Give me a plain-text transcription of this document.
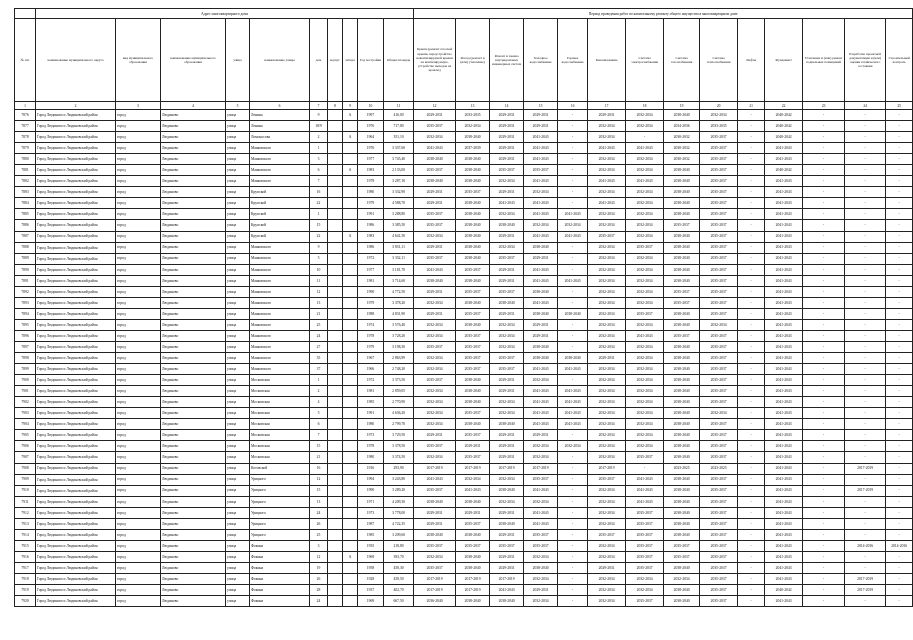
	Адрес многоквартирного дома										Период проведения работ по капитальному ремонту общего имущества в многоквартирном доме													
№ п/п	наименование муниципального округа	вид муниципального образования	наименование муниципального образования	улица	наименование улицы	дом	корпус	литера	Год постройки	Общая площадь	Крыша (ремонт плоской крыши, переустройство невентилируемой крыши на вентилируемую, устройство выходов на кровлю)	Фасад (ремонт и (или) утепление)	Ремонт и замена внутридомовых инженерных систем	Холодное водоснабжение	Горячее водоснабжение	Канализование	Система электроснабжения	Система газоснабжения	Система теплоснабжения	Лифты	Фундамент	Утепление и (или) ремонт подвальных помещений	Разработка проектной документации и (или) оценки технического состояния	Строительный контроль
1	2	3	4	5	6	7	8	9	10	11	12	13	14	15	16	17	18	19	20	21	22	23	24	25
7876	Город Людиново и Людиновский район	город	Людиново	улица	Ленина	9		А	1997	416,00	2029-2031	2033-2035	2029-2031	2029-2031	-	2029-2031	2032-2034	2038-2040	2032-2034	-	2040-2042	-	-	-
7877	Город Людиново и Людиновский район	город	Людиново	улица	Ленина	18/9			1976	717,80	2035-2037	2032-2034	2029-2031	2029-2031	-	2032-2034	2032-2034	2034-2036	2033-2035	-	2040-2042	-	-	-
7878	Город Людиново и Людиновский район	город	Людиново	улица	Ломоносова	2		А	1964	351,10	2032-2034	2038-2040	2029-2031	2041-2043	-	2032-2034	-	2030-2032	2035-2037	-	2040-2042	-	-	-
7879	Город Людиново и Людиновский район	город	Людиново	улица	Маяковского	1			1976	3 337,60	2041-2043	2037-2039	2029-2031	2041-2043	-	2041-2043	2041-2043	2030-2032	2035-2037	-	2041-2043	-	-	-
7880	Город Людиново и Людиновский район	город	Людиново	улица	Маяковского	3			1977	3 745,40	2038-2040	2038-2040	2029-2031	2041-2043	-	2032-2034	2032-2034	2030-2032	2035-2037	-	2041-2043	-	-	-
7881	Город Людиново и Людиновский район	город	Людиново	улица	Маяковского	6		А	1983	2 133,00	2035-2037	2038-2040	2035-2037	2035-2037	-	2032-2034	2032-2034	2038-2040	2035-2037	-	2040-2042	-	-	-
7882	Город Людиново и Людиновский район	город	Людиново	улица	Маяковского	7			1978	3 287,10	2038-2040	2038-2040	2032-2034	2041-2043	-	2041-2043	2041-2043	2038-2040	2035-2037	-	2041-2043	-	-	-
7883	Город Людиново и Людиновский район	город	Людиново	улица	Крупской	16			1980	3 332,90	2029-2031	2035-2037	2029-2031	2032-2034	-	2032-2034	2032-2034	2038-2040	2035-2037	-	2041-2043	-	-	-
7884	Город Людиново и Людиновский район	город	Людиново	улица	Крупской	22			1979	4 588,70	2029-2031	2038-2040	2041-2043	2041-2043	-	2041-2043	2032-2034	2038-2040	2035-2037	-	2041-2043	-	-	-
7885	Город Людиново и Людиновский район	город	Людиново	улица	Крупской	1			1991	3 288,80	2035-2037	2038-2040	2032-2034	2041-2043	2041-2043	2032-2034	2032-2034	2038-2040	2035-2037	-	2041-2043	-	-	-
7886	Город Людиново и Людиновский район	город	Людиново	улица	Крупской	15			1986	3 385,50	2035-2037	2038-2040	2038-2040	2032-2034	2032-2034	2032-2034	2032-2034	2035-2037	2035-2037	-	2041-2043	-	-	-
7887	Город Людиново и Людиновский район	город	Людиново	улица	Крупской	22		А	1983	4 641,50	2032-2034	2038-2040	2029-2031	2041-2043	2041-2043	2035-2037	2032-2034	2038-2040	2035-2037	-	2041-2043	-	-	-
7888	Город Людиново и Людиновский район	город	Людиново	улица	Маяковского	9			1986	3 831,11	2029-2031	2038-2040	2032-2034	2038-2040	-	2032-2034	2035-2037	2038-2040	2035-2037	-	2041-2043	-	-	-
7889	Город Людиново и Людиновский район	город	Людиново	улица	Маяковского	5			1972	3 332,11	2035-2037	2038-2040	2035-2037	2029-2031	-	2032-2034	2032-2034	2038-2040	2035-2037	-	2041-2043	-	-	-
7890	Город Людиново и Людиновский район	город	Людиново	улица	Маяковского	10			1977	3 181,70	2041-2043	2035-2037	2029-2031	2041-2043	-	2032-2034	2032-2034	2038-2040	2035-2037	-	2041-2043	-	-	-
7891	Город Людиново и Людиновский район	город	Людиново	улица	Маяковского	11			1981	3 714,60	2038-2040	2038-2040	2029-2031	2041-2043	2041-2043	2032-2034	2032-2034	2038-2040	2035-2037	-	2041-2043	-	-	-
7892	Город Людиново и Людиновский район	город	Людиново	улица	Маяковского	12			1990	4 772,50	2029-2031	2035-2037	2035-2037	2038-2040	-	2032-2034	2032-2034	2035-2037	2035-2037	-	2041-2043	-	-	-
7893	Город Людиново и Людиновский район	город	Людиново	улица	Маяковского	13			1979	3 378,20	2032-2034	2038-2040	2038-2040	2041-2043	-	2032-2034	2032-2034	2035-2037	2035-2037	-	2041-2043	-	-	-
7894	Город Людиново и Людиновский район	город	Людиново	улица	Маяковского	21			1988	4 831,90	2029-2031	2035-2037	2029-2031	2038-2040	2038-2040	2032-2034	2035-2037	2038-2040	2035-2037	-	2041-2043	-	-	-
7895	Город Людиново и Людиновский район	город	Людиново	улица	Маяковского	25			1974	3 576,40	2032-2034	2038-2040	2032-2034	2029-2031	-	2032-2034	2032-2034	2038-2040	2032-2034	-	2041-2043	-	-	-
7896	Город Людиново и Людиновский район	город	Людиново	улица	Маяковского	24			1978	3 728,20	2032-2034	2035-2037	2032-2034	2029-2031	-	2032-2034	2041-2043	2035-2037	2035-2037	-	2041-2043	-	-	-
7897	Город Людиново и Людиновский район	город	Людиново	улица	Маяковского	27			1979	3 198,30	2035-2037	2035-2037	2032-2034	2038-2040	-	2032-2034	2032-2034	2038-2040	2035-2037	-	2041-2043	-	-	-
7898	Город Людиново и Людиновский район	город	Людиново	улица	Маяковского	35			1967	2 863,99	2032-2034	2035-2037	2035-2037	2038-2040	2038-2040	2029-2031	2032-2034	2038-2040	2035-2037	-	2041-2043	-	-	-
7899	Город Людиново и Людиновский район	город	Людиново	улица	Маяковского	37			1966	2 748,20	2032-2034	2035-2037	2035-2037	2041-2043	2041-2043	2032-2034	2032-2034	2038-2040	2035-2037	-	2041-2043	-	-	-
7900	Город Людиново и Людиновский район	город	Людиново	улица	Московская	1			1972	3 373,50	2035-2037	2038-2040	2029-2031	2032-2034	-	2032-2034	2032-2034	2038-2040	2035-2037	-	2041-2043	-	-	-
7901	Город Людиново и Людиновский район	город	Людиново	улица	Московская	2			1981	2 859,05	2032-2034	2038-2040	2029-2031	2041-2043	2041-2043	2032-2034	2032-2034	2038-2040	2035-2037	-	2041-2043	-	-	-
7902	Город Людиново и Людиновский район	город	Людиново	улица	Московская	4			1985	2 770,90	2032-2034	2038-2040	2032-2034	2041-2043	2041-2043	2032-2034	2032-2034	2038-2040	2035-2037	-	2041-2043	-	-	-
7903	Город Людиново и Людиновский район	город	Людиново	улица	Московская	5			1991	4 636,20	2032-2034	2035-2037	2032-2034	2041-2043	2041-2043	2032-2034	2032-2034	2038-2040	2032-2034	-	2041-2043	-	-	-
7904	Город Людиново и Людиновский район	город	Людиново	улица	Московская	6			1980	2 799,70	2032-2034	2038-2040	2038-2040	2041-2043	2041-2043	2032-2034	2032-2034	2038-2040	2035-2037	-	2041-2043	-	-	-
7905	Город Людиново и Людиновский район	город	Людиново	улица	Московская	7			1973	3 729,50	2029-2031	2035-2037	2029-2031	2029-2031	-	2032-2034	2032-2034	2038-2040	2035-2037	-	2041-2043	-	-	-
7906	Город Людиново и Людиновский район	город	Людиново	улица	Московская	15			1978	3 378,50	2035-2037	2029-2031	2029-2031	2032-2034	2032-2034	2032-2034	2032-2034	2038-2040	2035-2037	-	2041-2043	-	-	-
7907	Город Людиново и Людиновский район	город	Людиново	улица	Московская	21			1980	3 374,50	2032-2034	2035-2037	2029-2031	2032-2034	-	2032-2034	2035-2037	2038-2040	2035-2037	-	2041-2043	-	-	-
7908	Город Людиново и Людиновский район	город	Людиново	улица	Котовской	16			1916	293,90	2017-2019	2017-2019	2017-2019	2017-2019	-	2017-2019	-	2023-2025	2023-2025	-	2041-2043	-	2017-2019	-
7909	Город Людиново и Людиновский район	город	Людиново	улица	Урицкого	12			1994	3 243,80	2041-2043	2032-2034	2032-2034	2035-2037	-	2035-2037	2041-2043	2038-2040	2035-2037	-	2041-2043	-	-	-
7910	Город Людиново и Людиновский район	город	Людиново	улица	Урицкого	15			1990	3 289,20	2035-2037	2041-2043	2038-2040	2041-2043	-	2032-2034	2041-2043	2038-2040	2035-2037	-	2041-2043	-	2017-2019	-
7911	Город Людиново и Людиновский район	город	Людиново	улица	Урицкого	13			1971	4 209,30	2038-2040	2038-2040	2032-2034	2032-2034	-	2032-2034	2041-2043	2038-2040	2035-2037	-	2041-2043	-	-	-
7912	Город Людиново и Людиновский район	город	Людиново	улица	Урицкого	24			1973	3 778,00	2029-2031	2029-2031	2029-2031	2041-2043	-	2032-2034	2035-2037	2038-2040	2035-2037	-	2041-2043	-	-	-
7913	Город Людиново и Людиновский район	город	Людиново	улица	Урицкого	26			1987	4 722,35	2029-2031	2035-2037	2038-2040	2041-2043	-	2032-2034	2035-2037	2038-2040	2035-2037	-	2041-2043	-	-	-
7914	Город Людиново и Людиновский район	город	Людиново	улица	Урицкого	25			1985	3 209,60	2038-2040	2038-2040	2029-2031	2035-2037	-	2035-2037	2035-2037	2038-2040	2035-2037	-	2041-2043	-	-	-
7915	Город Людиново и Людиновский район	город	Людиново	улица	Фокина	3			1935	218,80	2035-2037	2035-2037	2035-2037	2035-2037	-	2032-2034	2035-2037	2035-2037	2035-2037	-	2041-2043	-	2014-2016	2014-2016
7916	Город Людиново и Людиновский район	город	Людиново	улица	Фокина	12		А	1969	393,70	2032-2034	2038-2040	2029-2031	2032-2034	-	2032-2034	2035-2037	2035-2037	2035-2037	-	2041-2043	-	-	-
7917	Город Людиново и Людиновский район	город	Людиново	улица	Фокина	19			1958	450,30	2035-2037	2038-2040	2029-2031	2038-2040	-	2029-2031	2035-2037	2038-2040	2035-2037	-	2041-2043	-	-	-
7918	Город Людиново и Людиновский район	город	Людиново	улица	Фокина	26			1928	458,50	2017-2019	2017-2019	2017-2019	2032-2034	-	2032-2034	2032-2034	2032-2034	2035-2037	-	2041-2043	-	2017-2019	-
7919	Город Людиново и Людиновский район	город	Людиново	улица	Фокина	28			1937	402,70	2017-2019	2017-2019	2041-2043	2029-2031	-	2032-2034	2032-2034	2038-2040	2035-2037	-	2040-2042	-	2017-2019	-
7920	Город Людиново и Людиновский район	город	Людиново	улица	Фокина	24			1969	667,50	2036-2040	2038-2040	2038-2040	2032-2034	-	2032-2034	2035-2037	2038-2040	2035-2037	-	2041-2043	-	-	-
